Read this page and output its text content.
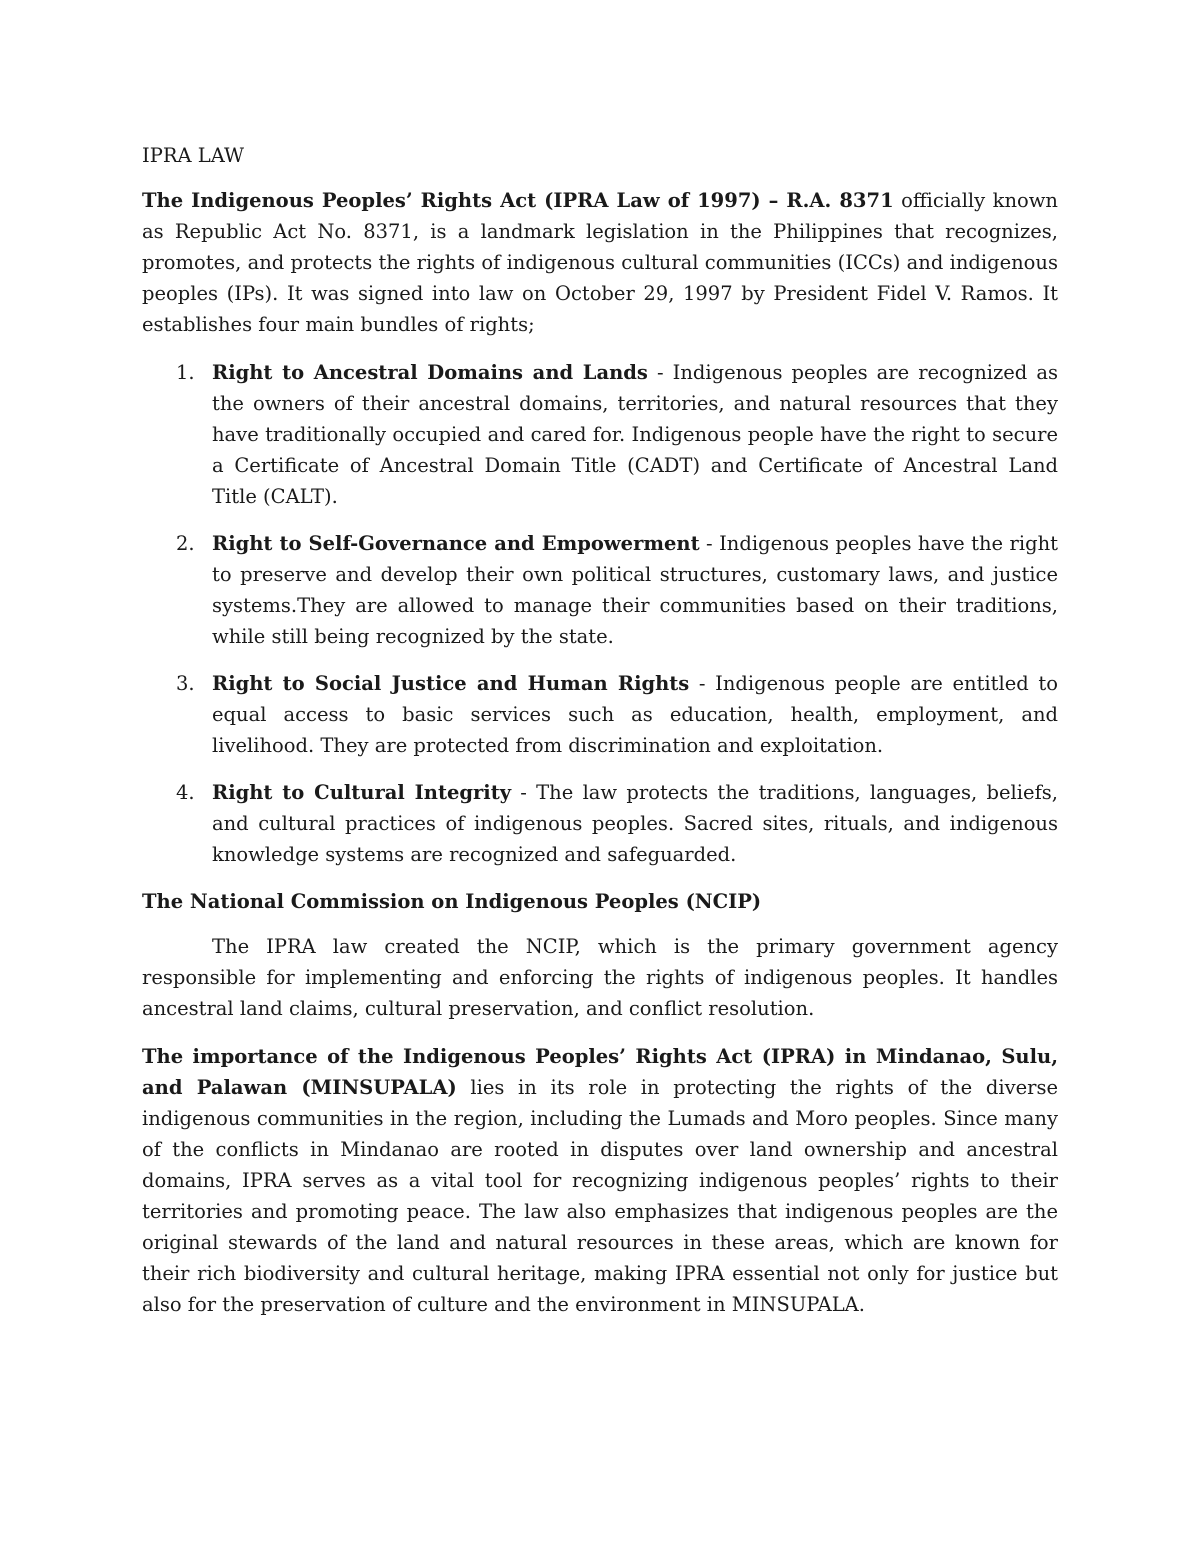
IPRA LAW

The Indigenous Peoples’ Rights Act (IPRA Law of 1997) – R.A. 8371 officially known as Republic Act No. 8371, is a landmark legislation in the Philippines that recognizes, promotes, and protects the rights of indigenous cultural communities (ICCs) and indigenous peoples (IPs). It was signed into law on October 29, 1997 by President Fidel V. Ramos. It establishes four main bundles of rights;

1. Right to Ancestral Domains and Lands - Indigenous peoples are recognized as the owners of their ancestral domains, territories, and natural resources that they have traditionally occupied and cared for. Indigenous people have the right to secure a Certificate of Ancestral Domain Title (CADT) and Certificate of Ancestral Land Title (CALT).
2. Right to Self-Governance and Empowerment - Indigenous peoples have the right to preserve and develop their own political structures, customary laws, and justice systems.They are allowed to manage their communities based on their traditions, while still being recognized by the state.
3. Right to Social Justice and Human Rights - Indigenous people are entitled to equal access to basic services such as education, health, employment, and livelihood. They are protected from discrimination and exploitation.
4. Right to Cultural Integrity - The law protects the traditions, languages, beliefs, and cultural practices of indigenous peoples. Sacred sites, rituals, and indigenous knowledge systems are recognized and safeguarded.

The National Commission on Indigenous Peoples (NCIP)

The IPRA law created the NCIP, which is the primary government agency responsible for implementing and enforcing the rights of indigenous peoples. It handles ancestral land claims, cultural preservation, and conflict resolution.

The importance of the Indigenous Peoples’ Rights Act (IPRA) in Mindanao, Sulu, and Palawan (MINSUPALA) lies in its role in protecting the rights of the diverse indigenous communities in the region, including the Lumads and Moro peoples. Since many of the conflicts in Mindanao are rooted in disputes over land ownership and ancestral domains, IPRA serves as a vital tool for recognizing indigenous peoples’ rights to their territories and promoting peace. The law also emphasizes that indigenous peoples are the original stewards of the land and natural resources in these areas, which are known for their rich biodiversity and cultural heritage, making IPRA essential not only for justice but also for the preservation of culture and the environment in MINSUPALA.
